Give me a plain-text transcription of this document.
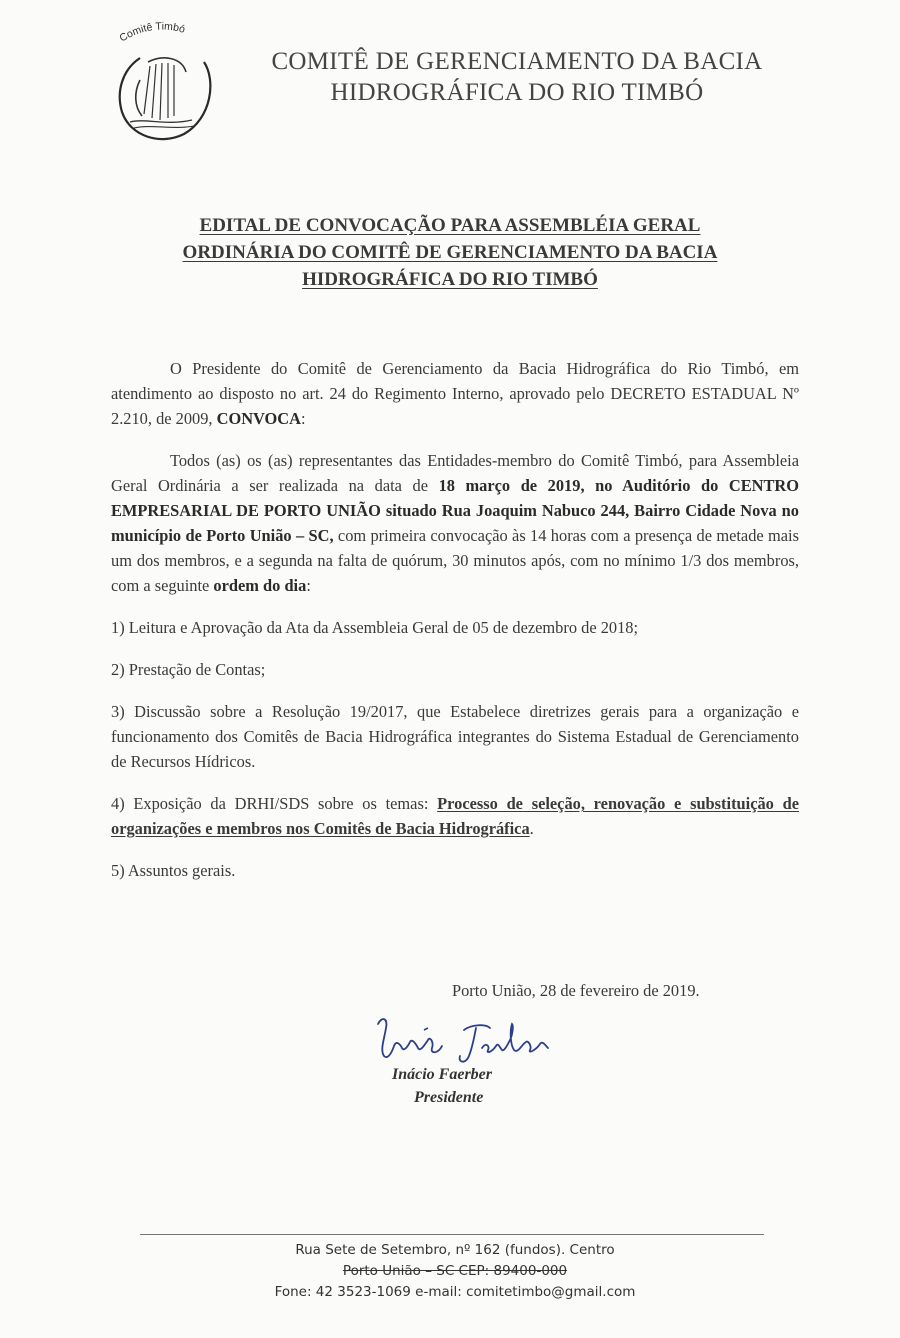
Comitê Timbó
COMITÊ DE GERENCIAMENTO DA BACIA
HIDROGRÁFICA DO RIO TIMBÓ
EDITAL DE CONVOCAÇÃO PARA ASSEMBLÉIA GERAL
ORDINÁRIA DO COMITÊ DE GERENCIAMENTO DA BACIA
HIDROGRÁFICA DO RIO TIMBÓ

O Presidente do Comitê de Gerenciamento da Bacia Hidrográfica do Rio Timbó, em atendimento ao disposto no art. 24 do Regimento Interno, aprovado pelo DECRETO ESTADUAL Nº 2.210, de 2009, CONVOCA:

Todos (as) os (as) representantes das Entidades-membro do Comitê Timbó, para Assembleia Geral Ordinária a ser realizada na data de 18 março de 2019, no Auditório do CENTRO EMPRESARIAL DE PORTO UNIÃO situado Rua Joaquim Nabuco 244, Bairro Cidade Nova no município de Porto União – SC, com primeira convocação às 14 horas com a presença de metade mais um dos membros, e a segunda na falta de quórum, 30 minutos após, com no mínimo 1/3 dos membros, com a seguinte ordem do dia:

1) Leitura e Aprovação da Ata da Assembleia Geral de 05 de dezembro de 2018;

2) Prestação de Contas;

3) Discussão sobre a Resolução 19/2017, que Estabelece diretrizes gerais para a organização e funcionamento dos Comitês de Bacia Hidrográfica integrantes do Sistema Estadual de Gerenciamento de Recursos Hídricos.

4) Exposição da DRHI/SDS sobre os temas: Processo de seleção, renovação e substituição de organizações e membros nos Comitês de Bacia Hidrográfica.

5) Assuntos gerais.

Porto União, 28 de fevereiro de 2019.
Inácio Faerber
Presidente
Rua Sete de Setembro, nº 162 (fundos). Centro
Porto União – SC CEP: 89400-000
Fone: 42 3523-1069 e-mail: comitetimbo@gmail.com
